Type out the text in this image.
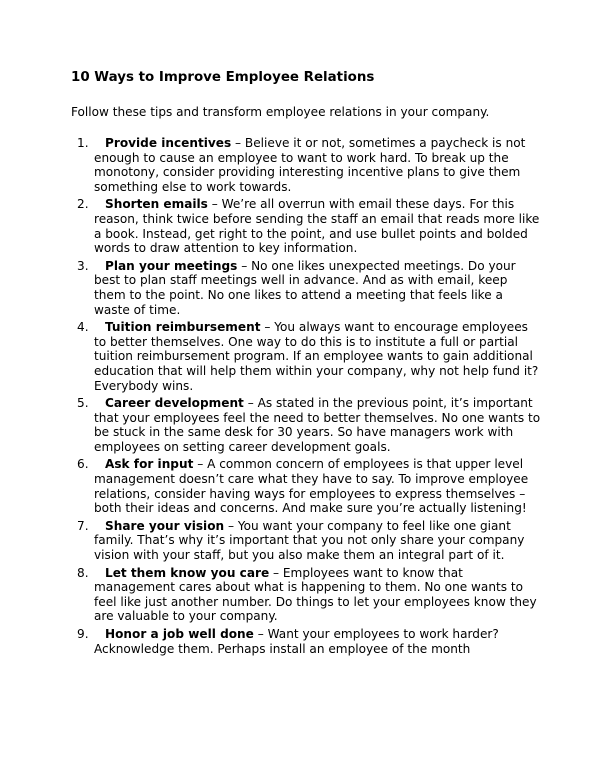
10 Ways to Improve Employee Relations

Follow these tips and transform employee relations in your company.

1. Provide incentives – Believe it or not, sometimes a paycheck is not enough to cause an employee to want to work hard. To break up the monotony, consider providing interesting incentive plans to give them something else to work towards.
2. Shorten emails – We’re all overrun with email these days. For this reason, think twice before sending the staff an email that reads more like a book. Instead, get right to the point, and use bullet points and bolded words to draw attention to key information.
3. Plan your meetings – No one likes unexpected meetings. Do your best to plan staff meetings well in advance. And as with email, keep them to the point. No one likes to attend a meeting that feels like a waste of time.
4. Tuition reimbursement – You always want to encourage employees to better themselves. One way to do this is to institute a full or partial tuition reimbursement program. If an employee wants to gain additional education that will help them within your company, why not help fund it? Everybody wins.
5. Career development – As stated in the previous point, it’s important that your employees feel the need to better themselves. No one wants to be stuck in the same desk for 30 years. So have managers work with employees on setting career development goals.
6. Ask for input – A common concern of employees is that upper level management doesn’t care what they have to say. To improve employee relations, consider having ways for employees to express themselves – both their ideas and concerns. And make sure you’re actually listening!
7. Share your vision – You want your company to feel like one giant family. That’s why it’s important that you not only share your company vision with your staff, but you also make them an integral part of it.
8. Let them know you care – Employees want to know that management cares about what is happening to them. No one wants to feel like just another number. Do things to let your employees know they are valuable to your company.
9. Honor a job well done – Want your employees to work harder? Acknowledge them. Perhaps install an employee of the month
